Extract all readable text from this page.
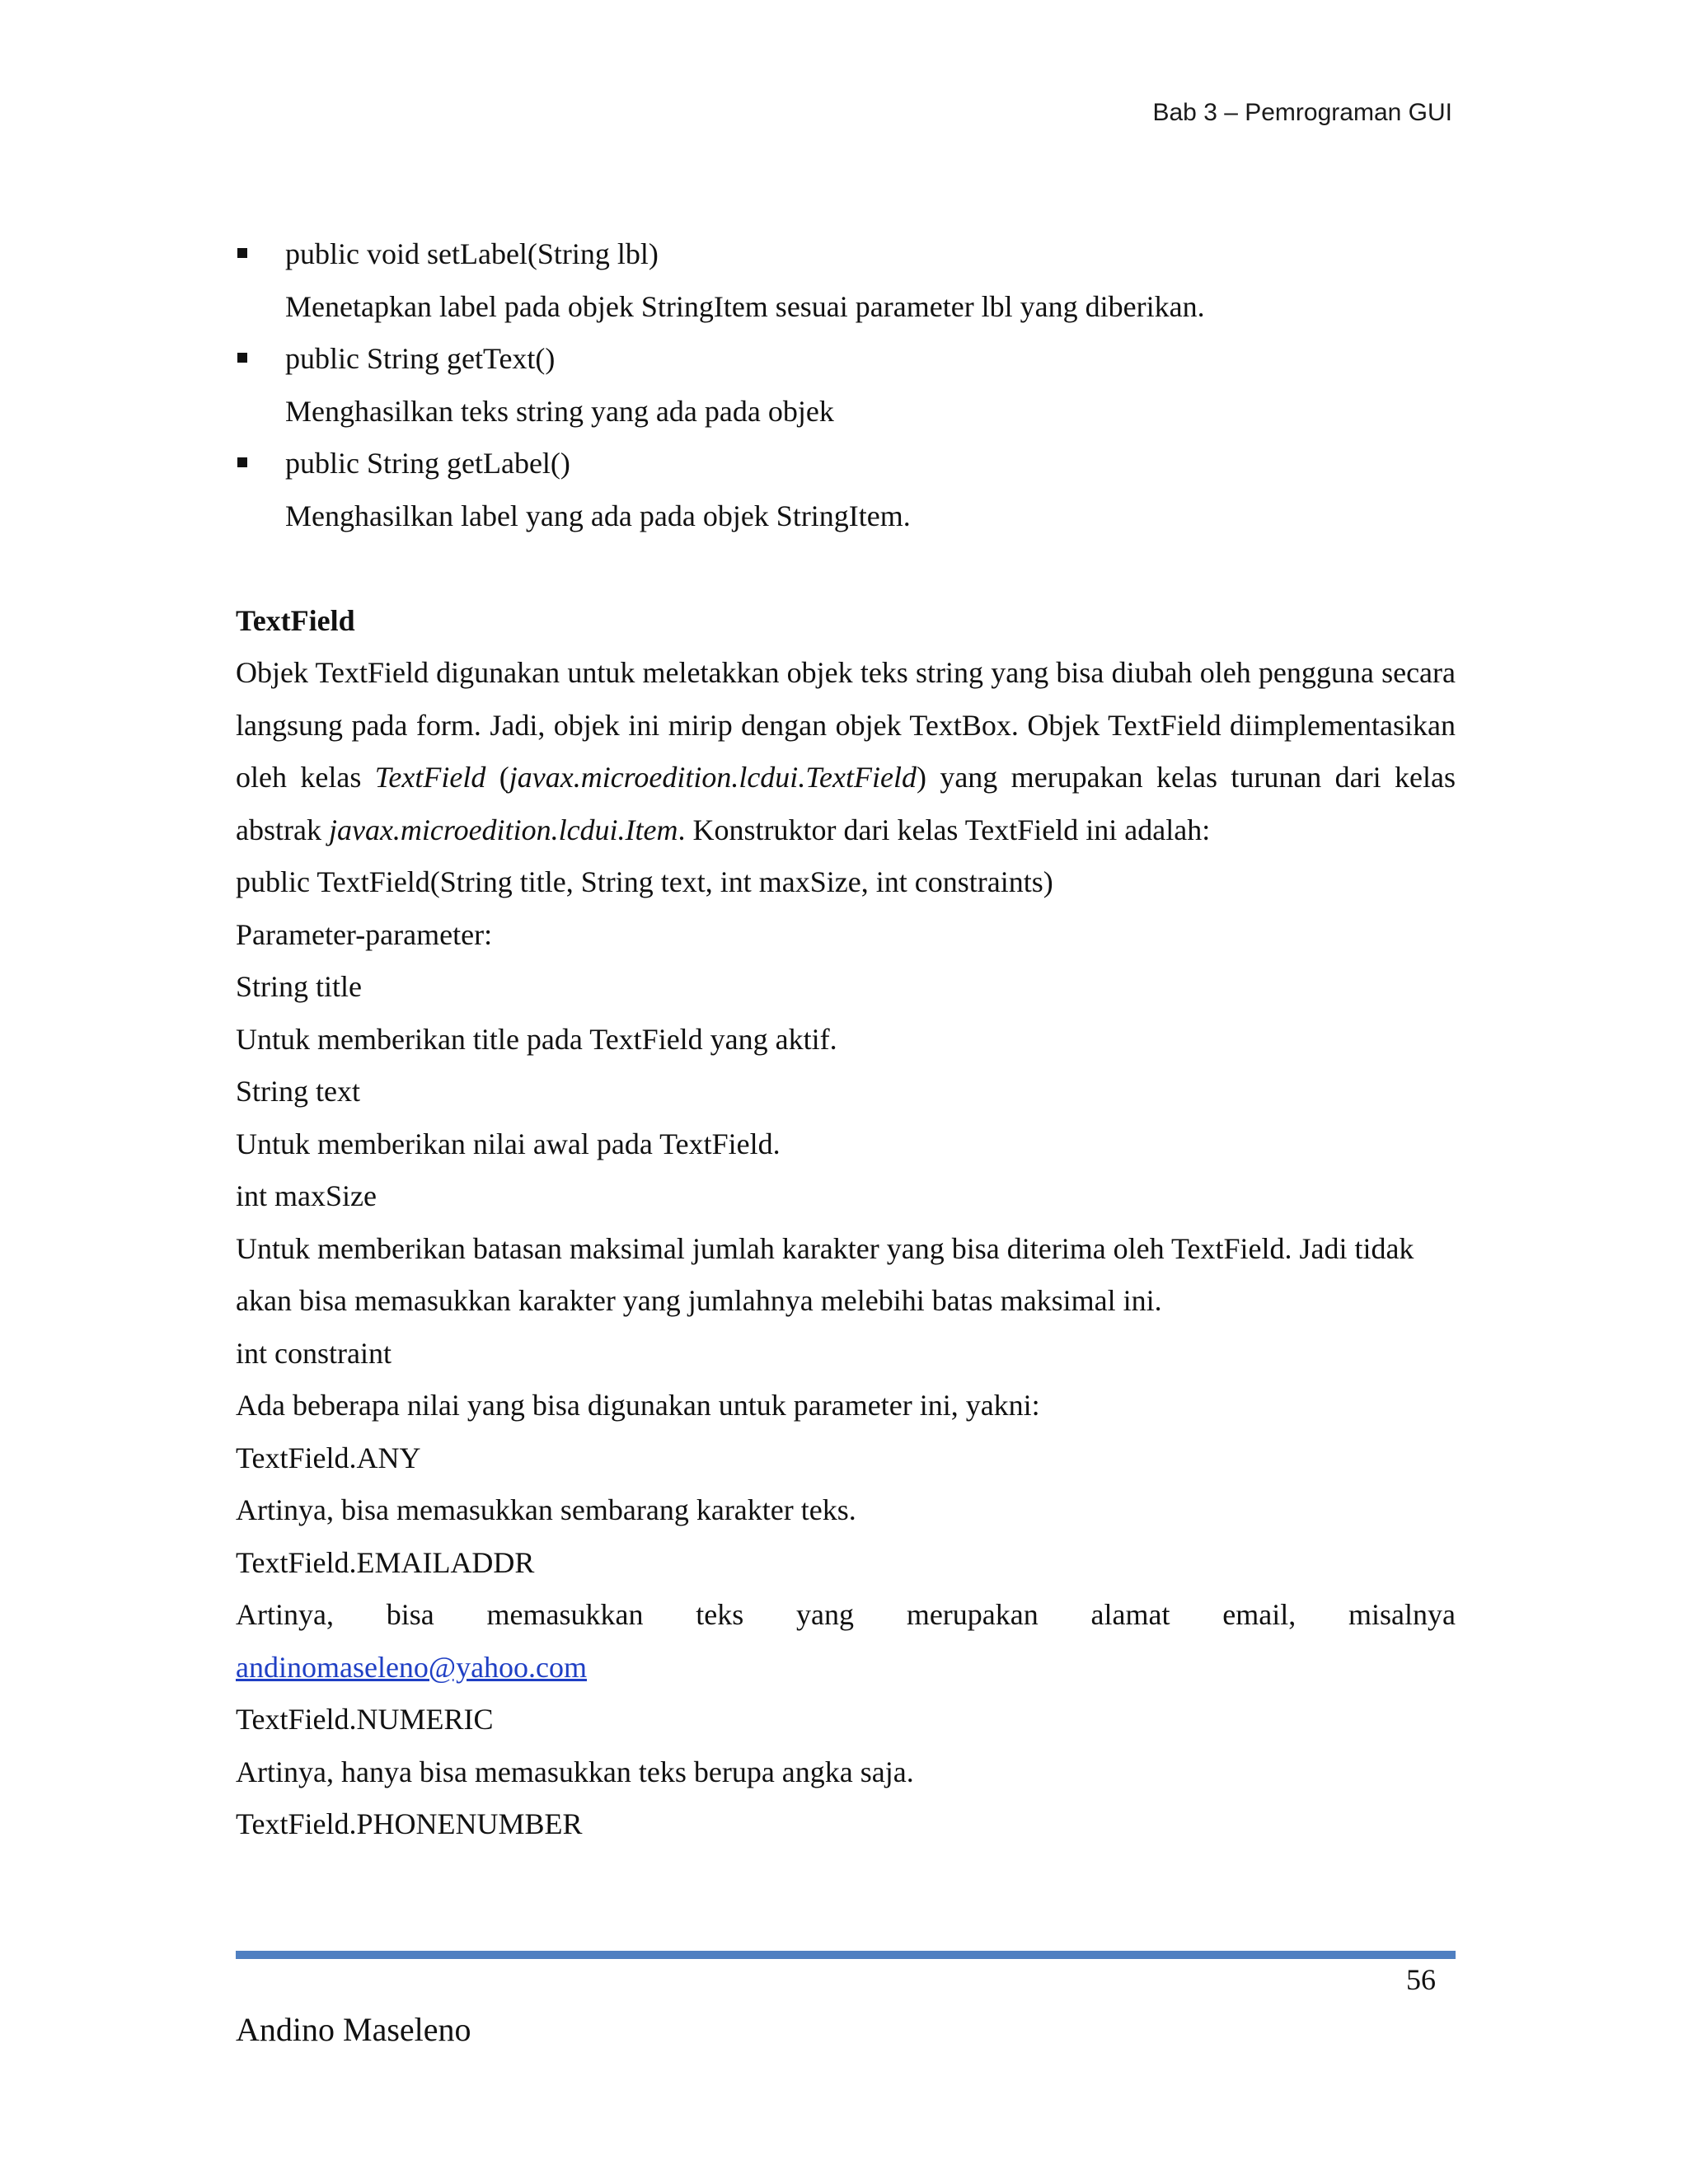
Bab 3 – Pemrograman GUI
public void setLabel(String lbl)
Menetapkan label pada objek StringItem sesuai parameter lbl yang diberikan.
public String getText()
Menghasilkan teks string yang ada pada objek
public String getLabel()
Menghasilkan label yang ada pada objek StringItem.
TextField
Objek TextField digunakan untuk meletakkan objek teks string yang bisa diubah oleh pengguna secara langsung pada form. Jadi, objek ini mirip dengan objek TextBox. Objek TextField diimplementasikan oleh kelas TextField (javax.microedition.lcdui.TextField) yang merupakan kelas turunan dari kelas abstrak javax.microedition.lcdui.Item. Konstruktor dari kelas TextField ini adalah:
public TextField(String title, String text, int maxSize, int constraints)
Parameter-parameter:
String title
Untuk memberikan title pada TextField yang aktif.
String text
Untuk memberikan nilai awal pada TextField.
int maxSize
Untuk memberikan batasan maksimal jumlah karakter yang bisa diterima oleh TextField. Jadi tidak akan bisa memasukkan karakter yang jumlahnya melebihi batas maksimal ini.
int constraint
Ada beberapa nilai yang bisa digunakan untuk parameter ini, yakni:
TextField.ANY
Artinya, bisa memasukkan sembarang karakter teks.
TextField.EMAILADDR
Artinya, bisa memasukkan teks yang merupakan alamat email, misalnya
andinomaseleno@yahoo.com
TextField.NUMERIC
Artinya, hanya bisa memasukkan teks berupa angka saja.
TextField.PHONENUMBER
56
Andino Maseleno
